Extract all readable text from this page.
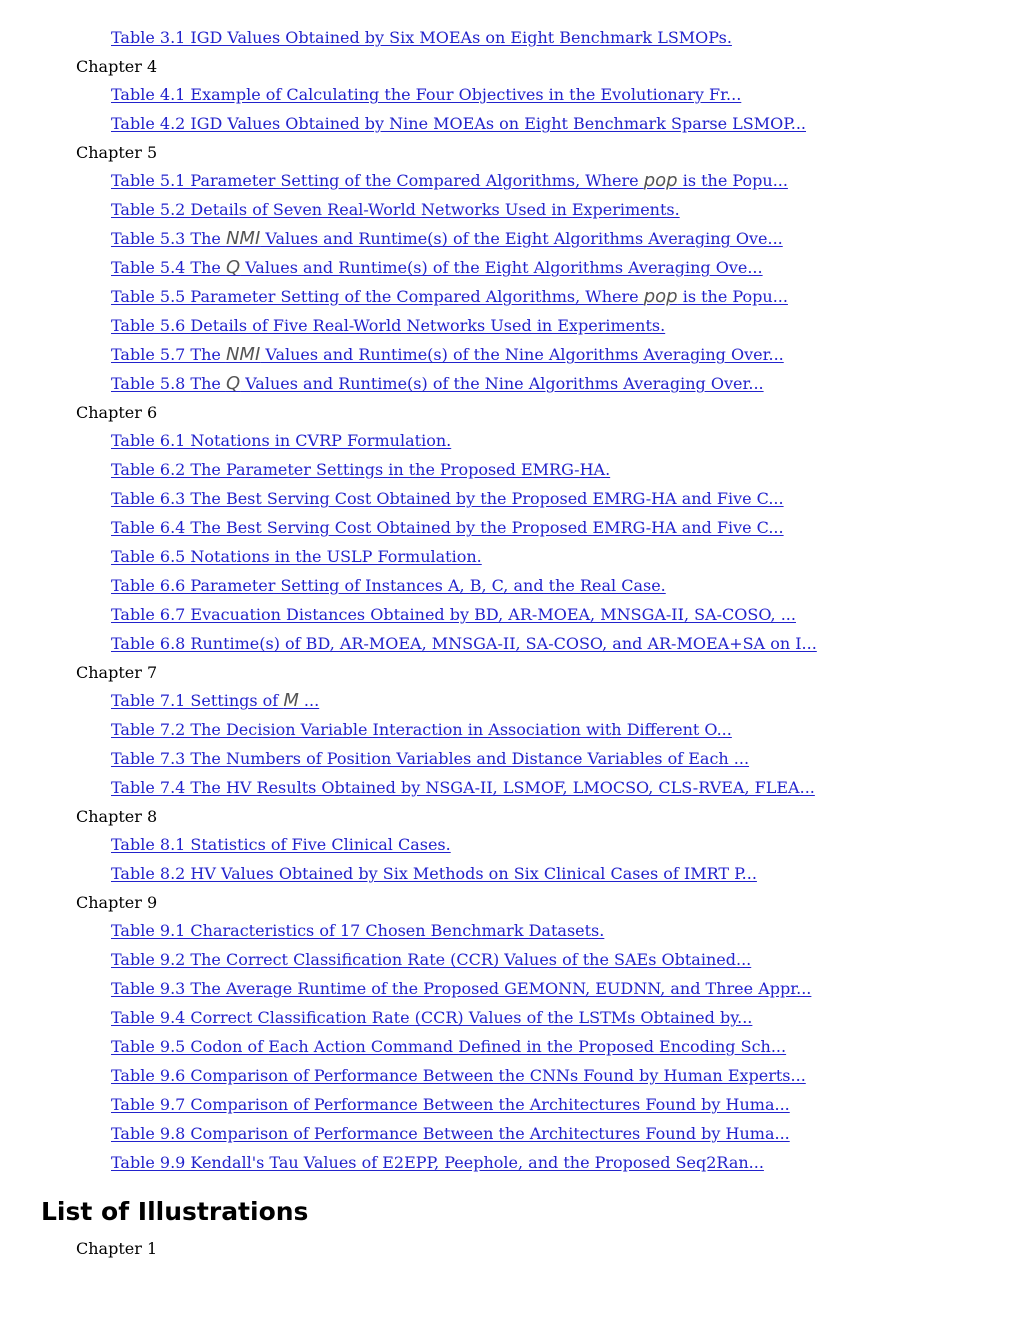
Table 3.1 IGD Values Obtained by Six MOEAs on Eight Benchmark LSMOPs.
Chapter 4
Table 4.1 Example of Calculating the Four Objectives in the Evolutionary Fr...
Table 4.2 IGD Values Obtained by Nine MOEAs on Eight Benchmark Sparse LSMOP...
Chapter 5
Table 5.1 Parameter Setting of the Compared Algorithms, Where pop is the Popu...
Table 5.2 Details of Seven Real-World Networks Used in Experiments.
Table 5.3 The NMI Values and Runtime(s) of the Eight Algorithms Averaging Ove...
Table 5.4 The Q Values and Runtime(s) of the Eight Algorithms Averaging Ove...
Table 5.5 Parameter Setting of the Compared Algorithms, Where pop is the Popu...
Table 5.6 Details of Five Real-World Networks Used in Experiments.
Table 5.7 The NMI Values and Runtime(s) of the Nine Algorithms Averaging Over...
Table 5.8 The Q Values and Runtime(s) of the Nine Algorithms Averaging Over...
Chapter 6
Table 6.1 Notations in CVRP Formulation.
Table 6.2 The Parameter Settings in the Proposed EMRG-HA.
Table 6.3 The Best Serving Cost Obtained by the Proposed EMRG-HA and Five C...
Table 6.4 The Best Serving Cost Obtained by the Proposed EMRG-HA and Five C...
Table 6.5 Notations in the USLP Formulation.
Table 6.6 Parameter Setting of Instances A, B, C, and the Real Case.
Table 6.7 Evacuation Distances Obtained by BD, AR-MOEA, MNSGA-II, SA-COSO, ...
Table 6.8 Runtime(s) of BD, AR-MOEA, MNSGA-II, SA-COSO, and AR-MOEA+SA on I...
Chapter 7
Table 7.1 Settings of M ...
Table 7.2 The Decision Variable Interaction in Association with Different O...
Table 7.3 The Numbers of Position Variables and Distance Variables of Each ...
Table 7.4 The HV Results Obtained by NSGA-II, LSMOF, LMOCSO, CLS-RVEA, FLEA...
Chapter 8
Table 8.1 Statistics of Five Clinical Cases.
Table 8.2 HV Values Obtained by Six Methods on Six Clinical Cases of IMRT P...
Chapter 9
Table 9.1 Characteristics of 17 Chosen Benchmark Datasets.
Table 9.2 The Correct Classification Rate (CCR) Values of the SAEs Obtained...
Table 9.3 The Average Runtime of the Proposed GEMONN, EUDNN, and Three Appr...
Table 9.4 Correct Classification Rate (CCR) Values of the LSTMs Obtained by...
Table 9.5 Codon of Each Action Command Defined in the Proposed Encoding Sch...
Table 9.6 Comparison of Performance Between the CNNs Found by Human Experts...
Table 9.7 Comparison of Performance Between the Architectures Found by Huma...
Table 9.8 Comparison of Performance Between the Architectures Found by Huma...
Table 9.9 Kendall's Tau Values of E2EPP, Peephole, and the Proposed Seq2Ran...
List of Illustrations
Chapter 1
